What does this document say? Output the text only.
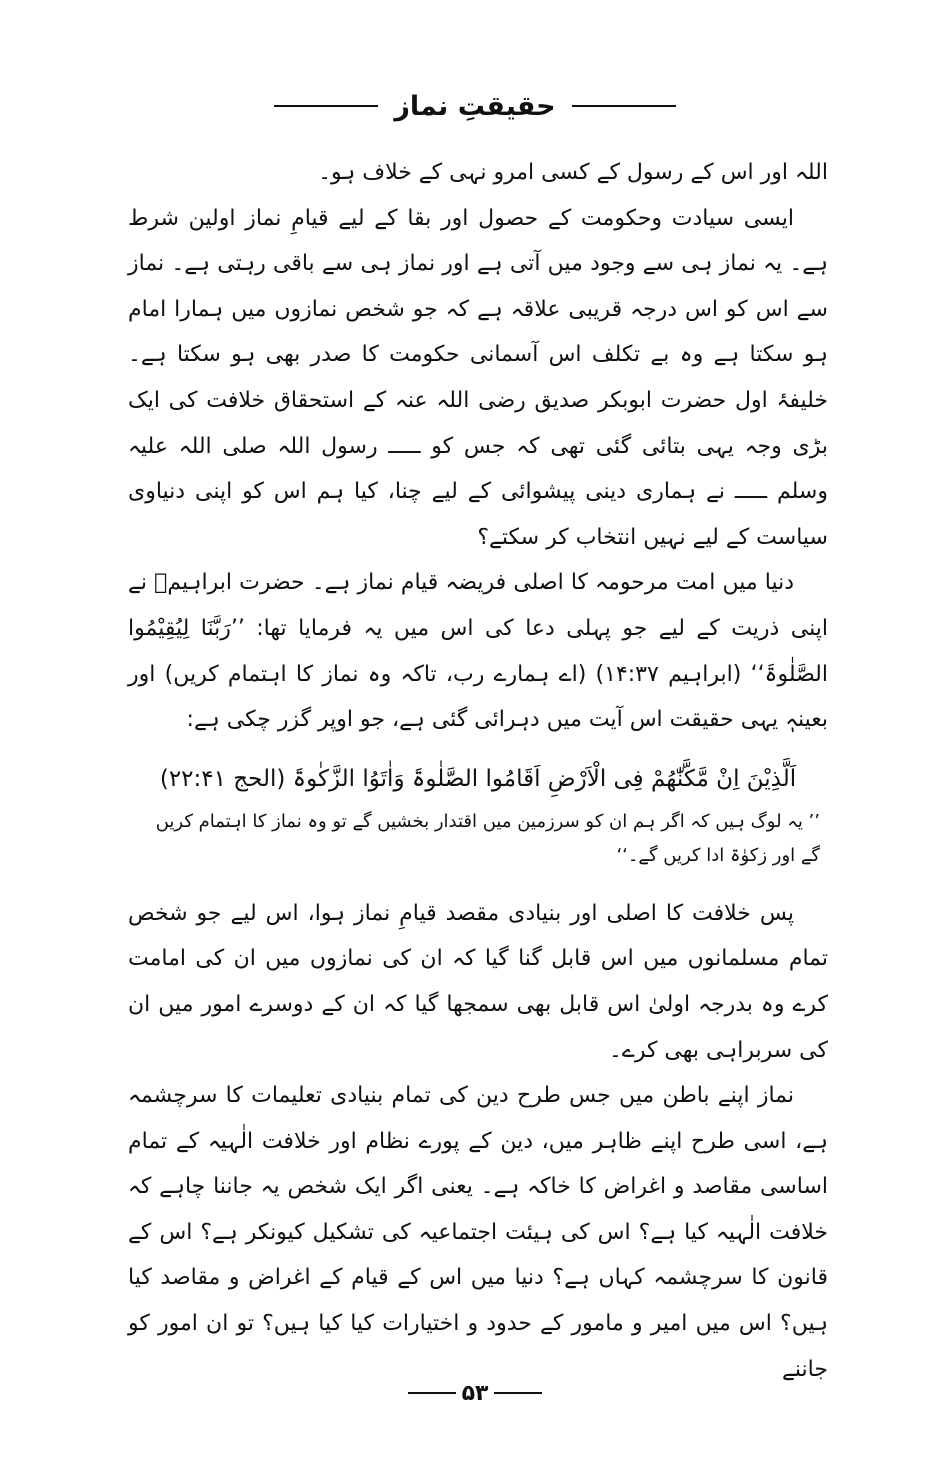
حقیقتِ نماز

اللہ اور اس کے رسول کے کسی امرو نہی کے خلاف ہو۔

ایسی سیادت وحکومت کے حصول اور بقا کے لیے قیامِ نماز اولین شرط ہے۔ یہ نماز ہی سے وجود میں آتی ہے اور نماز ہی سے باقی رہتی ہے۔ نماز سے اس کو اس درجہ قریبی علاقہ ہے کہ جو شخص نمازوں میں ہمارا امام ہو سکتا ہے وہ بے تکلف اس آسمانی حکومت کا صدر بھی ہو سکتا ہے۔ خلیفۂ اول حضرت ابوبکر صدیق رضی اللہ عنہ کے استحقاق خلافت کی ایک بڑی وجہ یہی بتائی گئی تھی کہ جس کو ـــــ رسول اللہ صلی اللہ علیہ وسلم ـــــ نے ہماری دینی پیشوائی کے لیے چنا، کیا ہم اس کو اپنی دنیاوی سیاست کے لیے نہیں انتخاب کر سکتے؟

دنیا میں امت مرحومہ کا اصلی فریضہ قیام نماز ہے۔ حضرت ابراہیمؑ نے اپنی ذریت کے لیے جو پہلی دعا کی اس میں یہ فرمایا تھا: ’’رَبَّنَا لِیُقِیْمُوا الصَّلٰوۃَ‘‘ (ابراہیم ۱۴:۳۷) (اے ہمارے رب، تاکہ وہ نماز کا اہتمام کریں) اور بعینہٖ یہی حقیقت اس آیت میں دہرائی گئی ہے، جو اوپر گزر چکی ہے:

اَلَّذِیْنَ اِنْ مَّکَّنّٰھُمْ فِی الْاَرْضِ اَقَامُوا الصَّلٰوۃَ وَاٰتَوُا الزَّکٰوۃَ (الحج ۲۲:۴۱)

’’ یہ لوگ ہیں کہ اگر ہم ان کو سرزمین میں اقتدار بخشیں گے تو وہ نماز کا اہتمام کریں گے اور زکوٰۃ ادا کریں گے۔‘‘

پس خلافت کا اصلی اور بنیادی مقصد قیامِ نماز ہوا، اس لیے جو شخص تمام مسلمانوں میں اس قابل گنا گیا کہ ان کی نمازوں میں ان کی امامت کرے وہ بدرجہ اولیٰ اس قابل بھی سمجھا گیا کہ ان کے دوسرے امور میں ان کی سربراہی بھی کرے۔

نماز اپنے باطن میں جس طرح دین کی تمام بنیادی تعلیمات کا سرچشمہ ہے، اسی طرح اپنے ظاہر میں، دین کے پورے نظام اور خلافت الٰہیہ کے تمام اساسی مقاصد و اغراض کا خاکہ ہے۔ یعنی اگر ایک شخص یہ جاننا چاہے کہ خلافت الٰہیہ کیا ہے؟ اس کی ہیئت اجتماعیہ کی تشکیل کیونکر ہے؟ اس کے قانون کا سرچشمہ کہاں ہے؟ دنیا میں اس کے قیام کے اغراض و مقاصد کیا ہیں؟ اس میں امیر و مامور کے حدود و اختیارات کیا کیا ہیں؟ تو ان امور کو جاننے

۵۳
